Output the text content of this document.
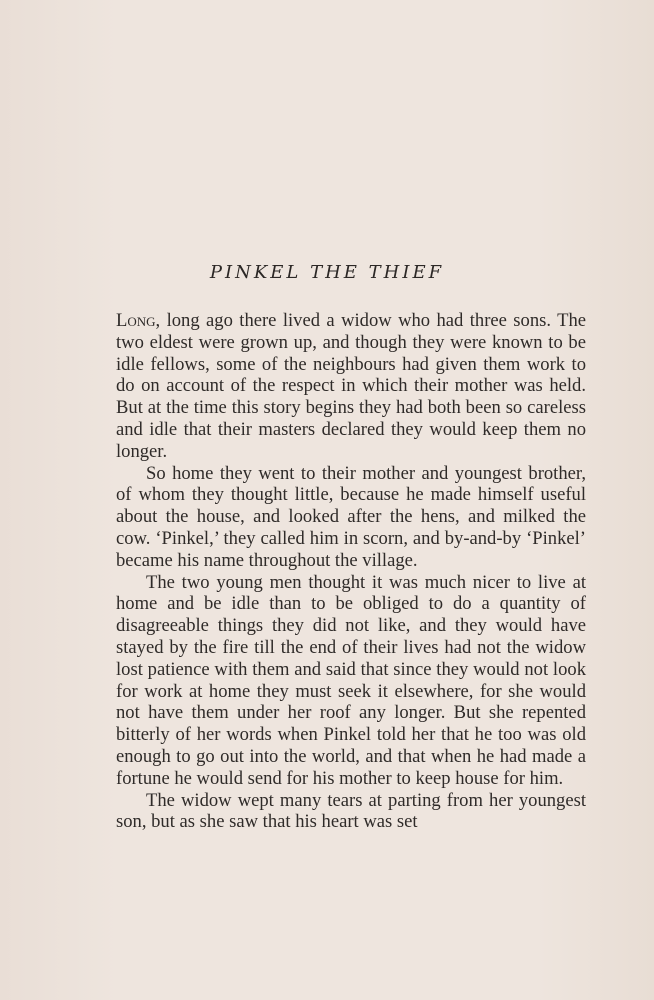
PINKEL THE THIEF

Long, long ago there lived a widow who had three sons. The two eldest were grown up, and though they were known to be idle fellows, some of the neighbours had given them work to do on account of the respect in which their mother was held. But at the time this story begins they had both been so careless and idle that their masters declared they would keep them no longer.

So home they went to their mother and youngest brother, of whom they thought little, because he made himself useful about the house, and looked after the hens, and milked the cow. ‘Pinkel,’ they called him in scorn, and by-and-by ‘Pinkel’ became his name throughout the village.

The two young men thought it was much nicer to live at home and be idle than to be obliged to do a quantity of disagreeable things they did not like, and they would have stayed by the fire till the end of their lives had not the widow lost patience with them and said that since they would not look for work at home they must seek it elsewhere, for she would not have them under her roof any longer. But she repented bitterly of her words when Pinkel told her that he too was old enough to go out into the world, and that when he had made a fortune he would send for his mother to keep house for him.

The widow wept many tears at parting from her youngest son, but as she saw that his heart was set
